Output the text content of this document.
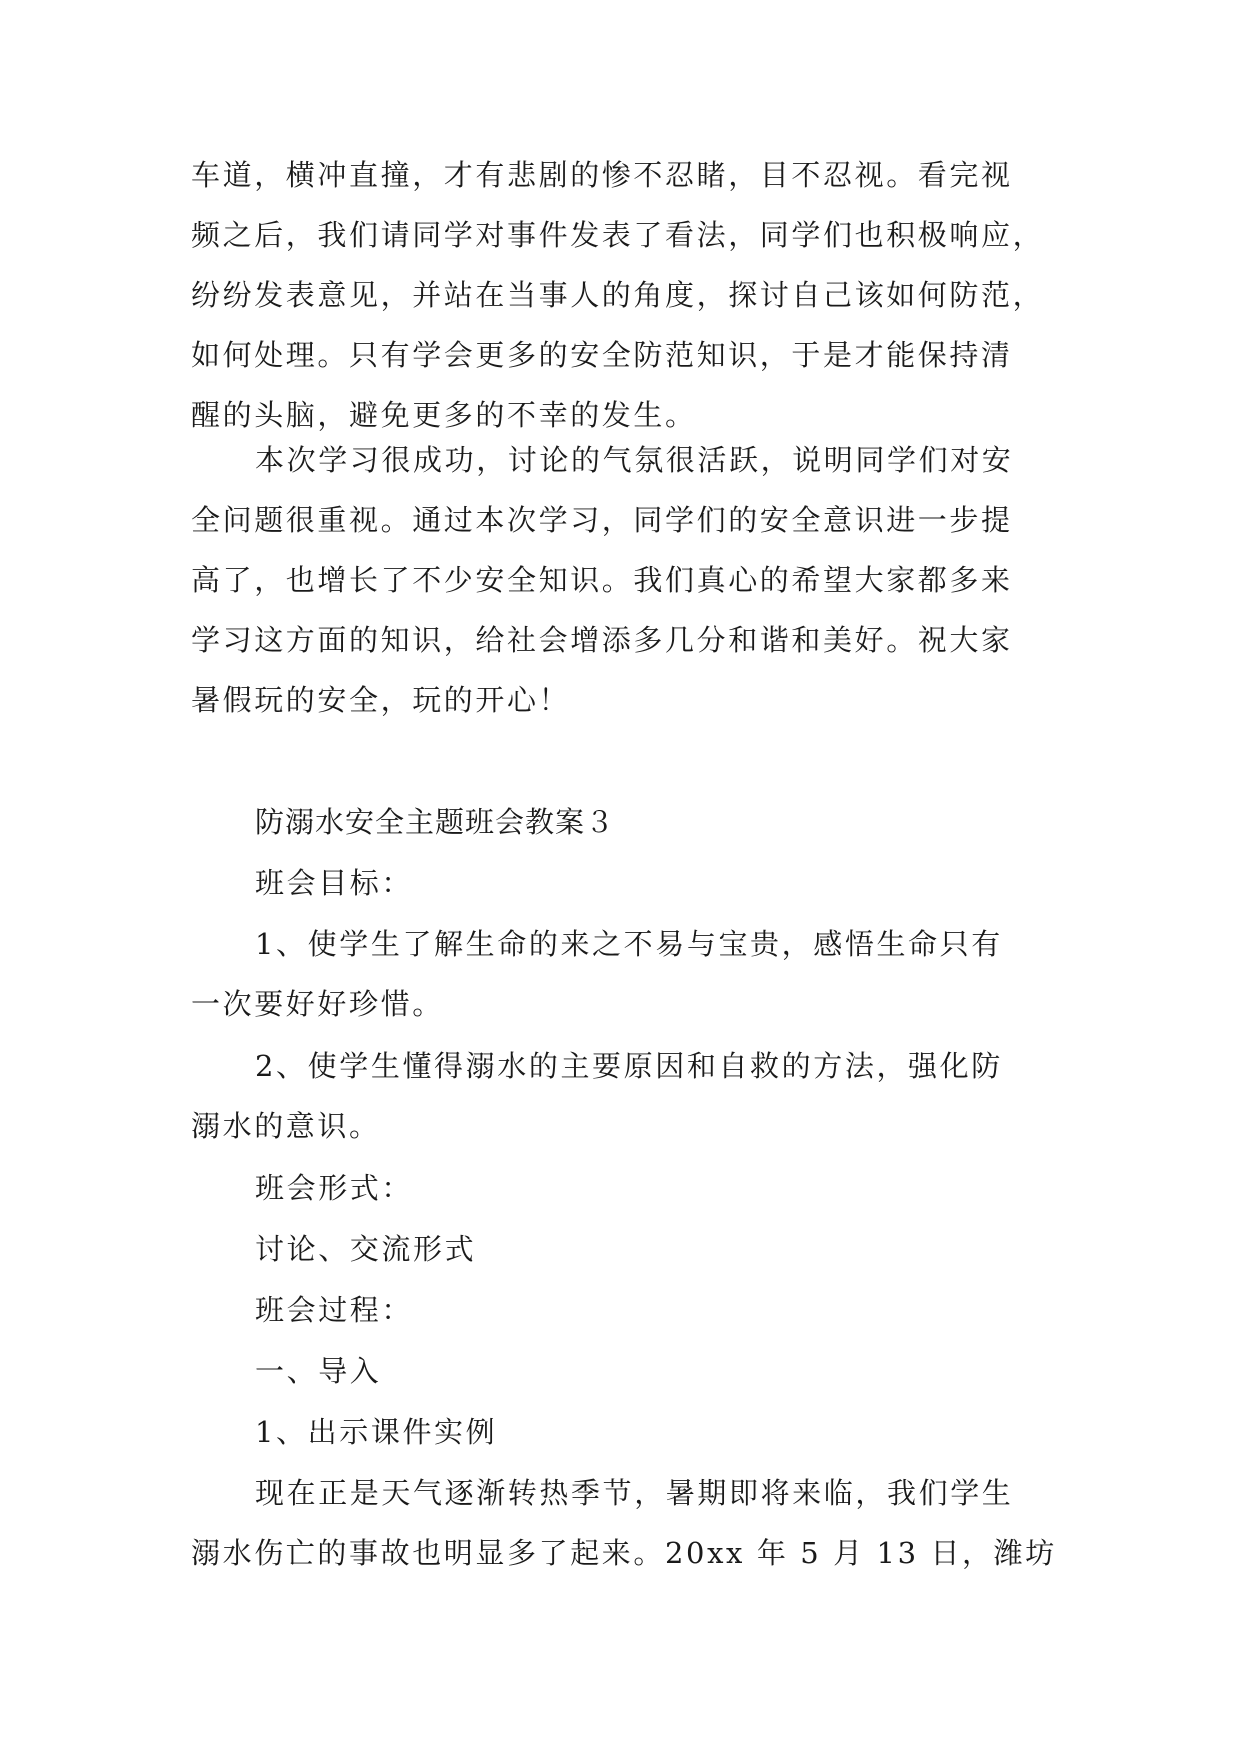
车道，横冲直撞，才有悲剧的惨不忍睹，目不忍视。看完视
频之后，我们请同学对事件发表了看法，同学们也积极响应，
纷纷发表意见，并站在当事人的角度，探讨自己该如何防范，
如何处理。只有学会更多的安全防范知识，于是才能保持清
醒的头脑，避免更多的不幸的发生。
本次学习很成功，讨论的气氛很活跃，说明同学们对安
全问题很重视。通过本次学习，同学们的安全意识进一步提
高了，也增长了不少安全知识。我们真心的希望大家都多来
学习这方面的知识，给社会增添多几分和谐和美好。祝大家
暑假玩的安全，玩的开心！
防溺水安全主题班会教案３
班会目标：
1、使学生了解生命的来之不易与宝贵，感悟生命只有
一次要好好珍惜。
2、使学生懂得溺水的主要原因和自救的方法，强化防
溺水的意识。
班会形式：
讨论、交流形式
班会过程：
一、导入
1、出示课件实例
现在正是天气逐渐转热季节，暑期即将来临，我们学生
溺水伤亡的事故也明显多了起来。20xx 年 5 月 13 日，潍坊
